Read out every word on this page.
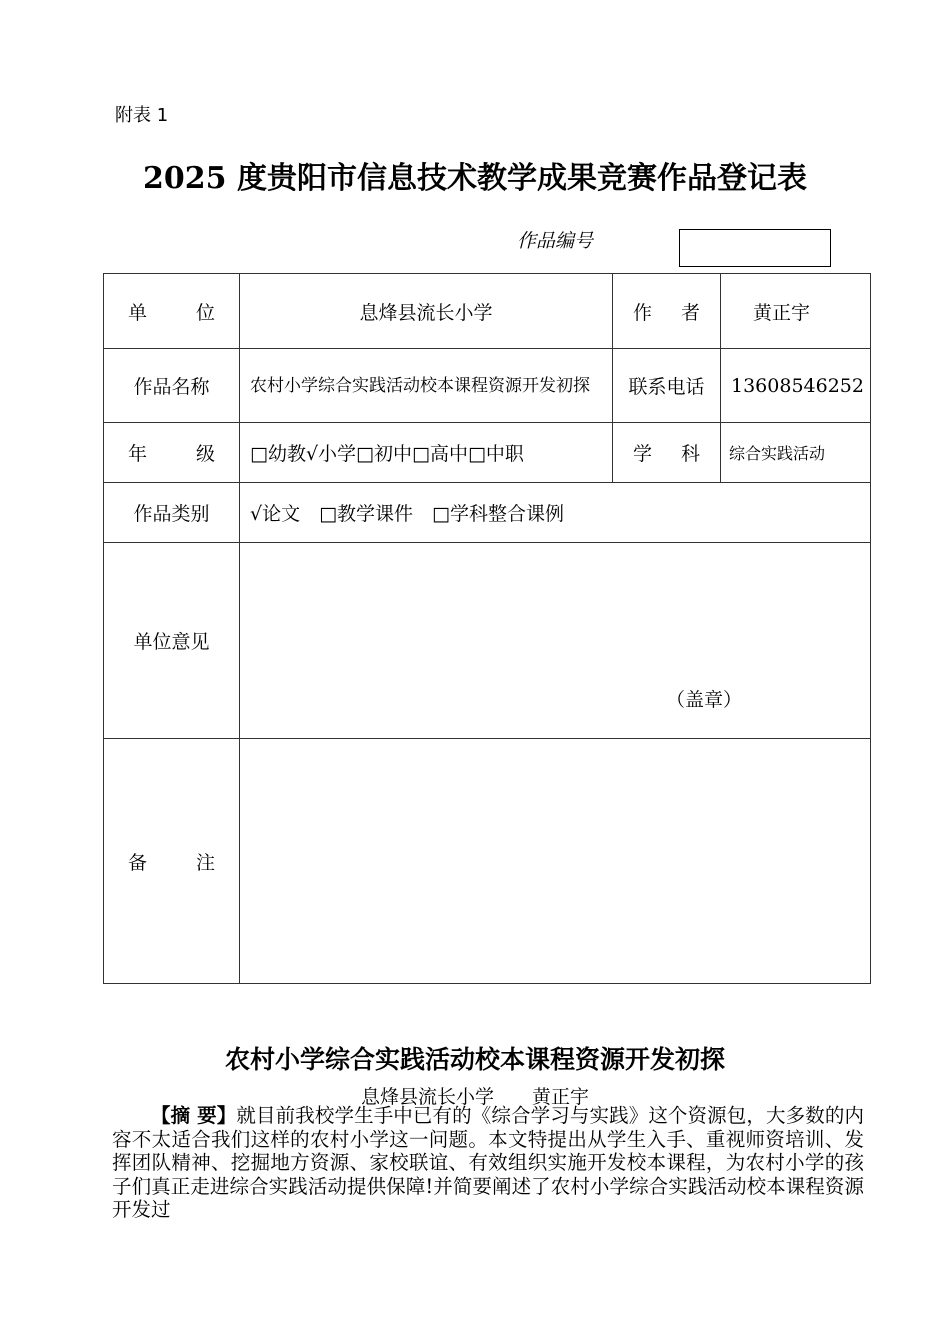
附表 1
2025 度贵阳市信息技术教学成果竞赛作品登记表
作品编号
单 位	息烽县流长小学	作 者	黄正宇
作品名称	农村小学综合实践活动校本课程资源开发初探	联系电话	13608546252

年 级	□幼教√小学□初中□高中□中职	学 科	综合实践活动
作品类别	√论文　□教学课件　□学科整合课例		
单位意见	（盖章）		

备 注			

农村小学综合实践活动校本课程资源开发初探
息烽县流长小学　　黄正宇
【摘 要】就目前我校学生手中已有的《综合学习与实践》这个资源包，大多数的内容不太适合我们这样的农村小学这一问题。本文特提出从学生入手、重视师资培训、发挥团队精神、挖掘地方资源、家校联谊、有效组织实施开发校本课程，为农村小学的孩子们真正走进综合实践活动提供保障!并简要阐述了农村小学综合实践活动校本课程资源开发过
